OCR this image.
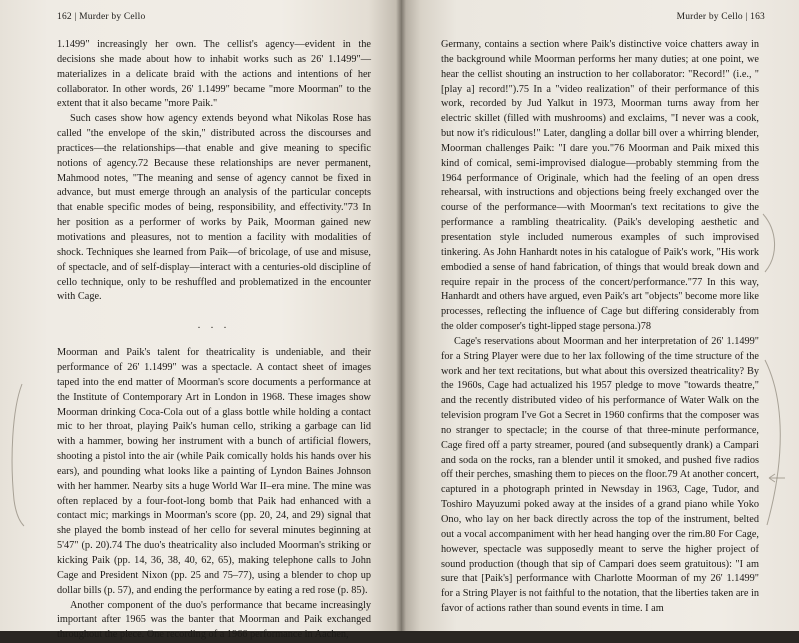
162 | Murder by Cello

1.1499" increasingly her own. The cellist's agency—evident in the decisions she made about how to inhabit works such as 26' 1.1499"—materializes in a delicate braid with the actions and intentions of her collaborator. In other words, 26' 1.1499" became "more Moorman" to the extent that it also became "more Paik."

Such cases show how agency extends beyond what Nikolas Rose has called "the envelope of the skin," distributed across the discourses and practices—the relationships—that enable and give meaning to specific notions of agency.72 Because these relationships are never permanent, Mahmood notes, "The meaning and sense of agency cannot be fixed in advance, but must emerge through an analysis of the particular concepts that enable specific modes of being, responsibility, and effectivity."73 In her position as a performer of works by Paik, Moorman gained new motivations and pleasures, not to mention a facility with modalities of shock. Techniques she learned from Paik—of bricolage, of use and misuse, of spectacle, and of self-display—interact with a centuries-old discipline of cello technique, only to be reshuffled and problematized in the encounter with Cage.

. . .

Moorman and Paik's talent for theatricality is undeniable, and their performance of 26' 1.1499" was a spectacle. A contact sheet of images taped into the end matter of Moorman's score documents a performance at the Institute of Contemporary Art in London in 1968. These images show Moorman drinking Coca-Cola out of a glass bottle while holding a contact mic to her throat, playing Paik's human cello, striking a garbage can lid with a hammer, bowing her instrument with a bunch of artificial flowers, shooting a pistol into the air (while Paik comically holds his hands over his ears), and pounding what looks like a painting of Lyndon Baines Johnson with her hammer. Nearby sits a huge World War II–era mine. The mine was often replaced by a four-foot-long bomb that Paik had enhanced with a contact mic; markings in Moorman's score (pp. 20, 24, and 29) signal that she played the bomb instead of her cello for several minutes beginning at 5'47" (p. 20).74 The duo's theatricality also included Moorman's striking or kicking Paik (pp. 14, 36, 38, 40, 62, 65), making telephone calls to John Cage and President Nixon (pp. 25 and 75–77), using a blender to chop up dollar bills (p. 57), and ending the performance by eating a red rose (p. 85).

Another component of the duo's performance that became increasingly important after 1965 was the banter that Moorman and Paik exchanged throughout the piece. One recording of a 1966 performance in Aachen,

Murder by Cello | 163

Germany, contains a section where Paik's distinctive voice chatters away in the background while Moorman performs her many duties; at one point, we hear the cellist shouting an instruction to her collaborator: "Record!" (i.e., "[play a] record!").75 In a "video realization" of their performance of this work, recorded by Jud Yalkut in 1973, Moorman turns away from her electric skillet (filled with mushrooms) and exclaims, "I never was a cook, but now it's ridiculous!" Later, dangling a dollar bill over a whirring blender, Moorman challenges Paik: "I dare you."76 Moorman and Paik mixed this kind of comical, semi-improvised dialogue—probably stemming from the 1964 performance of Originale, which had the feeling of an open dress rehearsal, with instructions and objections being freely exchanged over the course of the performance—with Moorman's text recitations to give the performance a rambling theatricality. (Paik's developing aesthetic and presentation style included numerous examples of such improvised tinkering. As John Hanhardt notes in his catalogue of Paik's work, "His work embodied a sense of hand fabrication, of things that would break down and require repair in the process of the concert/performance."77 In this way, Hanhardt and others have argued, even Paik's art "objects" become more like processes, reflecting the influence of Cage but differing considerably from the older composer's tight-lipped stage persona.)78

Cage's reservations about Moorman and her interpretation of 26' 1.1499" for a String Player were due to her lax following of the time structure of the work and her text recitations, but what about this oversized theatricality? By the 1960s, Cage had actualized his 1957 pledge to move "towards theatre," and the recently distributed video of his performance of Water Walk on the television program I've Got a Secret in 1960 confirms that the composer was no stranger to spectacle; in the course of that three-minute performance, Cage fired off a party streamer, poured (and subsequently drank) a Campari and soda on the rocks, ran a blender until it smoked, and pushed five radios off their perches, smashing them to pieces on the floor.79 At another concert, captured in a photograph printed in Newsday in 1963, Cage, Tudor, and Toshiro Mayuzumi poked away at the insides of a grand piano while Yoko Ono, who lay on her back directly across the top of the instrument, belted out a vocal accompaniment with her head hanging over the rim.80 For Cage, however, spectacle was supposedly meant to serve the higher project of sound production (though that sip of Campari does seem gratuitous): "I am sure that [Paik's] performance with Charlotte Moorman of my 26' 1.1499" for a String Player is not faithful to the notation, that the liberties taken are in favor of actions rather than sound events in time. I am
